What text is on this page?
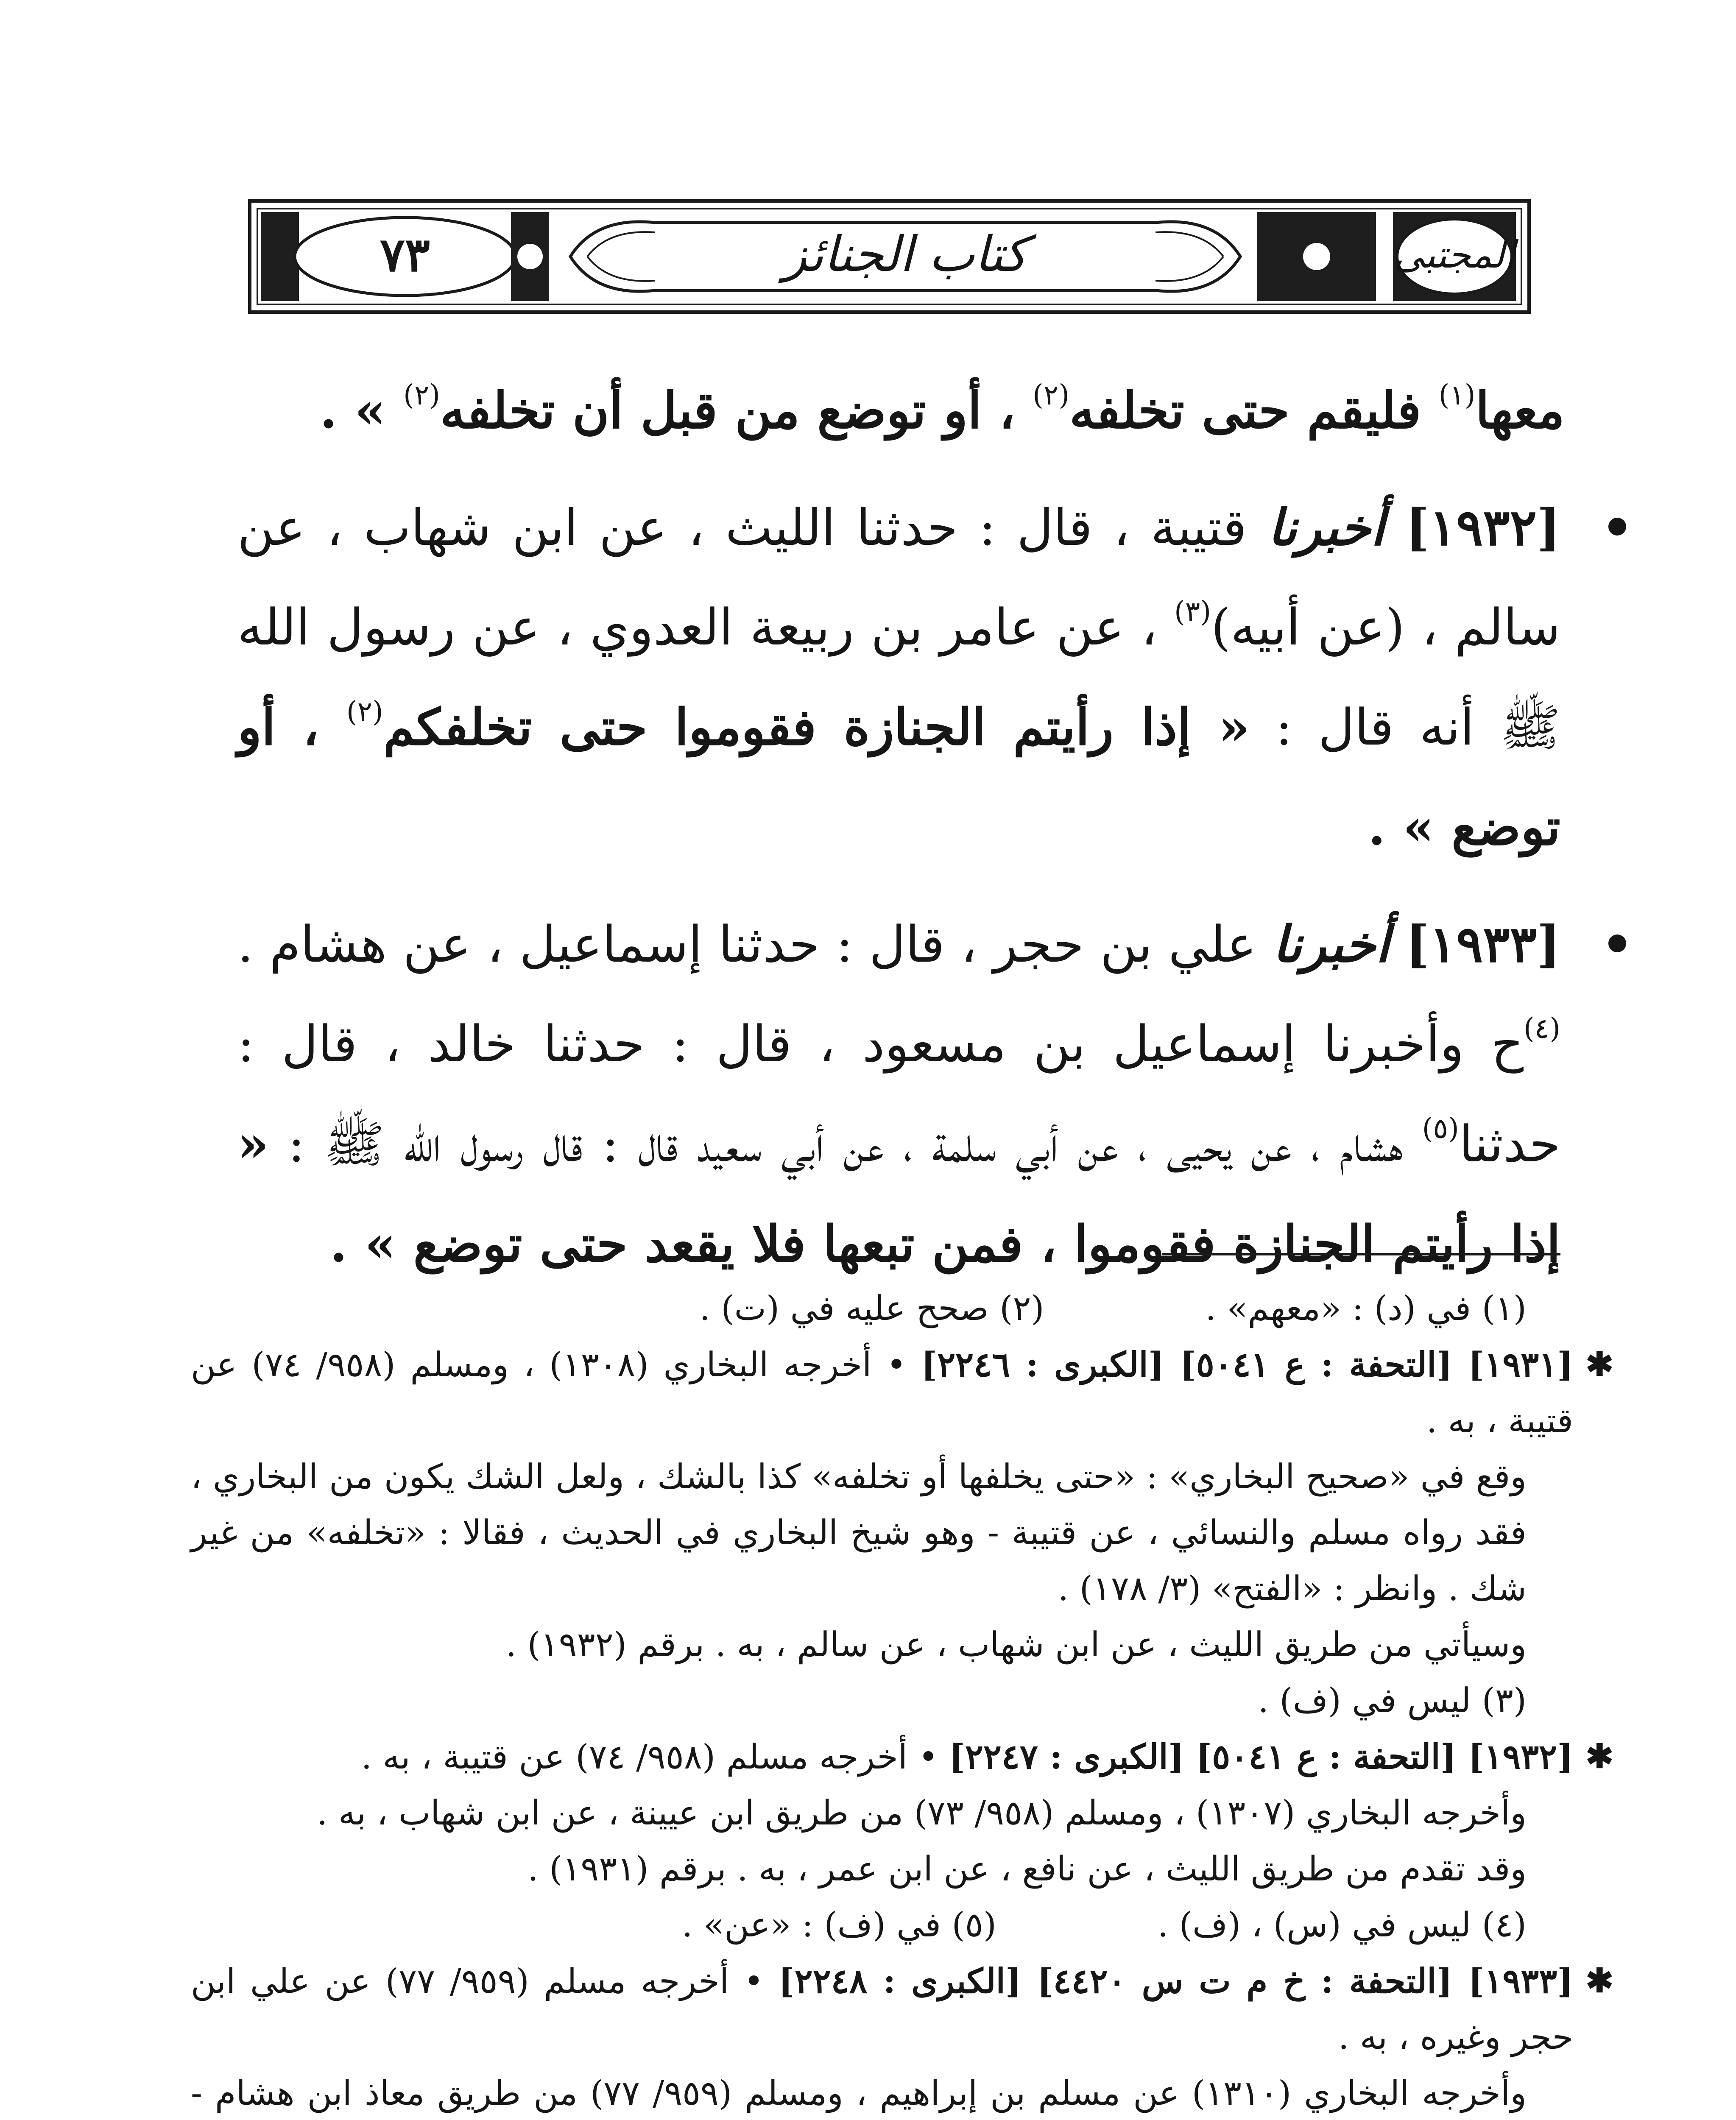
٧٣	كتاب الجنائز	المجتبى

معها$^{(١)}$ فليقم حتى تخلفه$^{(٢)}$ ، أو توضع من قبل أن تخلفه$^{(٢)}$ » .

[١٩٣٢] أخبرنا قتيبة ، قال : حدثنا الليث ، عن ابن شهاب ، عن سالم ، (عن أبيه)$^{(٣)}$ ، عن عامر بن ربيعة العدوي ، عن رسول الله ﷺ أنه قال : « إذا رأيتم الجنازة فقوموا حتى تخلفكم$^{(٢)}$ ، أو توضع » .

[١٩٣٣] أخبرنا علي بن حجر ، قال : حدثنا إسماعيل ، عن هشام . $^{(٤)}$ح وأخبرنا إسماعيل بن مسعود ، قال : حدثنا خالد ، قال : حدثنا$^{(٥)}$ هشام ، عن يحيى ، عن أبي سلمة ، عن أبي سعيد قال : قال رسول الله ﷺ : « إذا رأيتم الجنازة فقوموا ، فمن تبعها فلا يقعد حتى توضع » .

(١) في (د) : «معهم» .
(٢) صحح عليه في (ت) .

✱
[١٩٣١] [التحفة : ع ٥٠٤١] [الكبرى : ٢٢٤٦] • أخرجه البخاري (١٣٠٨) ، ومسلم (٩٥٨/ ٧٤) عن قتيبة ، به .

وقع في «صحيح البخاري» : «حتى يخلفها أو تخلفه» كذا بالشك ، ولعل الشك يكون من البخاري ، فقد رواه مسلم والنسائي ، عن قتيبة - وهو شيخ البخاري في الحديث ، فقالا : «تخلفه» من غير شك . وانظر : «الفتح» (٣/ ١٧٨) .

وسيأتي من طريق الليث ، عن ابن شهاب ، عن سالم ، به . برقم (١٩٣٢) .

(٣) ليس في (ف) .

✱
[١٩٣٢] [التحفة : ع ٥٠٤١] [الكبرى : ٢٢٤٧] • أخرجه مسلم (٩٥٨/ ٧٤) عن قتيبة ، به .

وأخرجه البخاري (١٣٠٧) ، ومسلم (٩٥٨/ ٧٣) من طريق ابن عيينة ، عن ابن شهاب ، به .

وقد تقدم من طريق الليث ، عن نافع ، عن ابن عمر ، به . برقم (١٩٣١) .

(٤) ليس في (س) ، (ف) .
(٥) في (ف) : «عن» .

✱
[١٩٣٣] [التحفة : خ م ت س ٤٤٢٠] [الكبرى : ٢٢٤٨] • أخرجه مسلم (٩٥٩/ ٧٧) عن علي ابن حجر وغيره ، به .

وأخرجه البخاري (١٣١٠) عن مسلم بن إبراهيم ، ومسلم (٩٥٩/ ٧٧) من طريق معاذ ابن هشام -
